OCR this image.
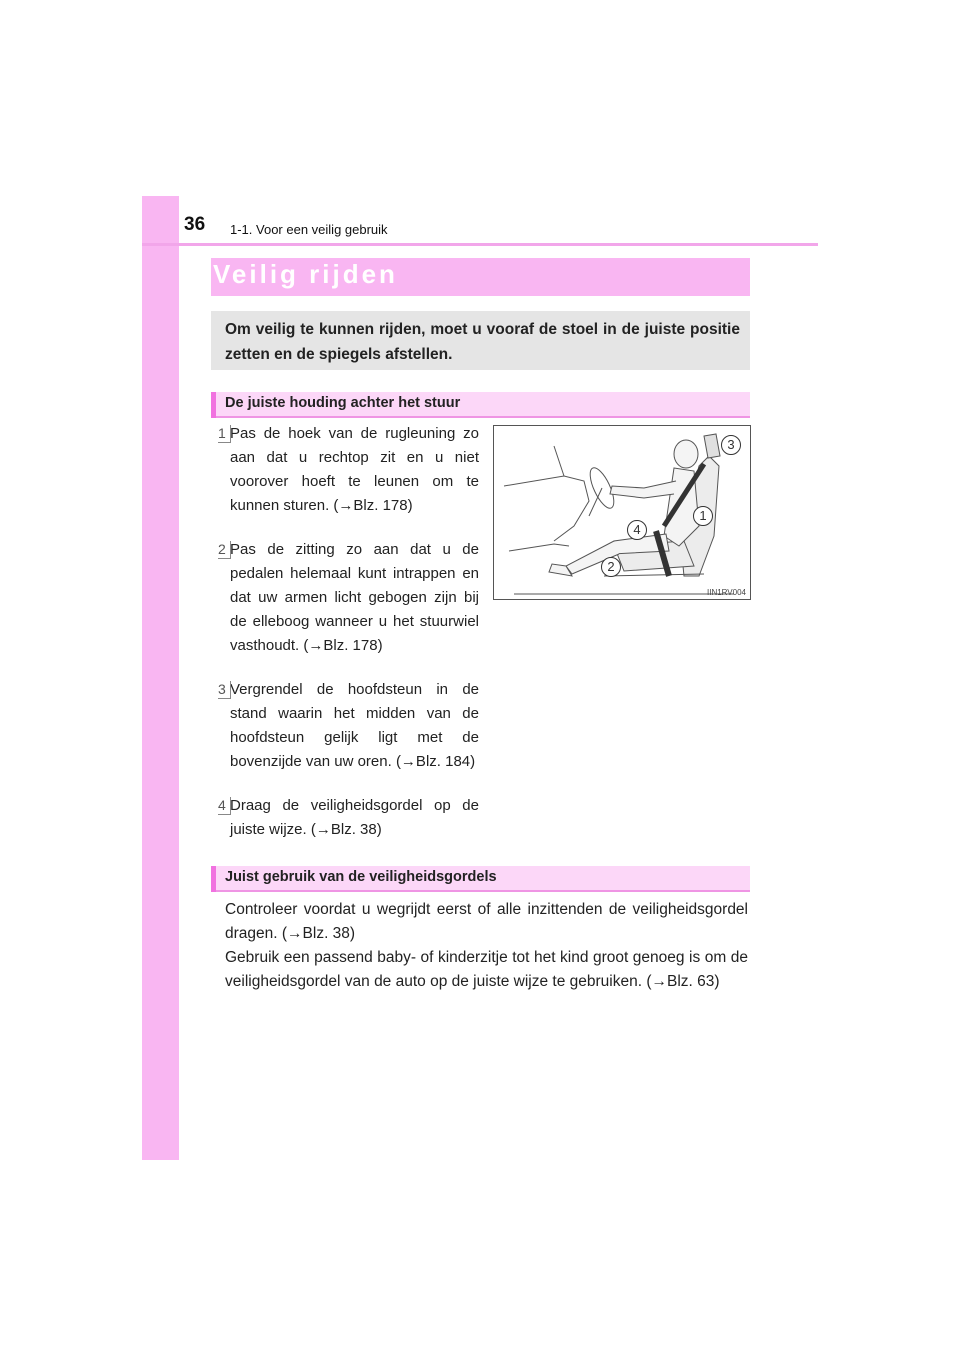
36 1-1. Voor een veilig gebruik
Veilig rijden

Om veilig te kunnen rijden, moet u vooraf de stoel in de juiste positie zetten en de spiegels afstellen.

De juiste houding achter het stuur
1 Pas de hoek van de rugleuning zo aan dat u rechtop zit en u niet voorover hoeft te leunen om te kunnen sturen. (→Blz. 178)
2 Pas de zitting zo aan dat u de pedalen helemaal kunt intrappen en dat uw armen licht gebogen zijn bij de elleboog wanneer u het stuurwiel vasthoudt. (→Blz. 178)
3 Vergrendel de hoofdsteun in de stand waarin het midden van de hoofdsteun gelijk ligt met de bovenzijde van uw oren. (→Blz. 184)
4 Draag de veiligheidsgordel op de juiste wijze. (→Blz. 38)
3
1
4
2
IIN1RV004
Juist gebruik van de veiligheidsgordels

Controleer voordat u wegrijdt eerst of alle inzittenden de veiligheidsgordel dragen. (→Blz. 38)

Gebruik een passend baby- of kinderzitje tot het kind groot genoeg is om de veiligheidsgordel van de auto op de juiste wijze te gebruiken. (→Blz. 63)
